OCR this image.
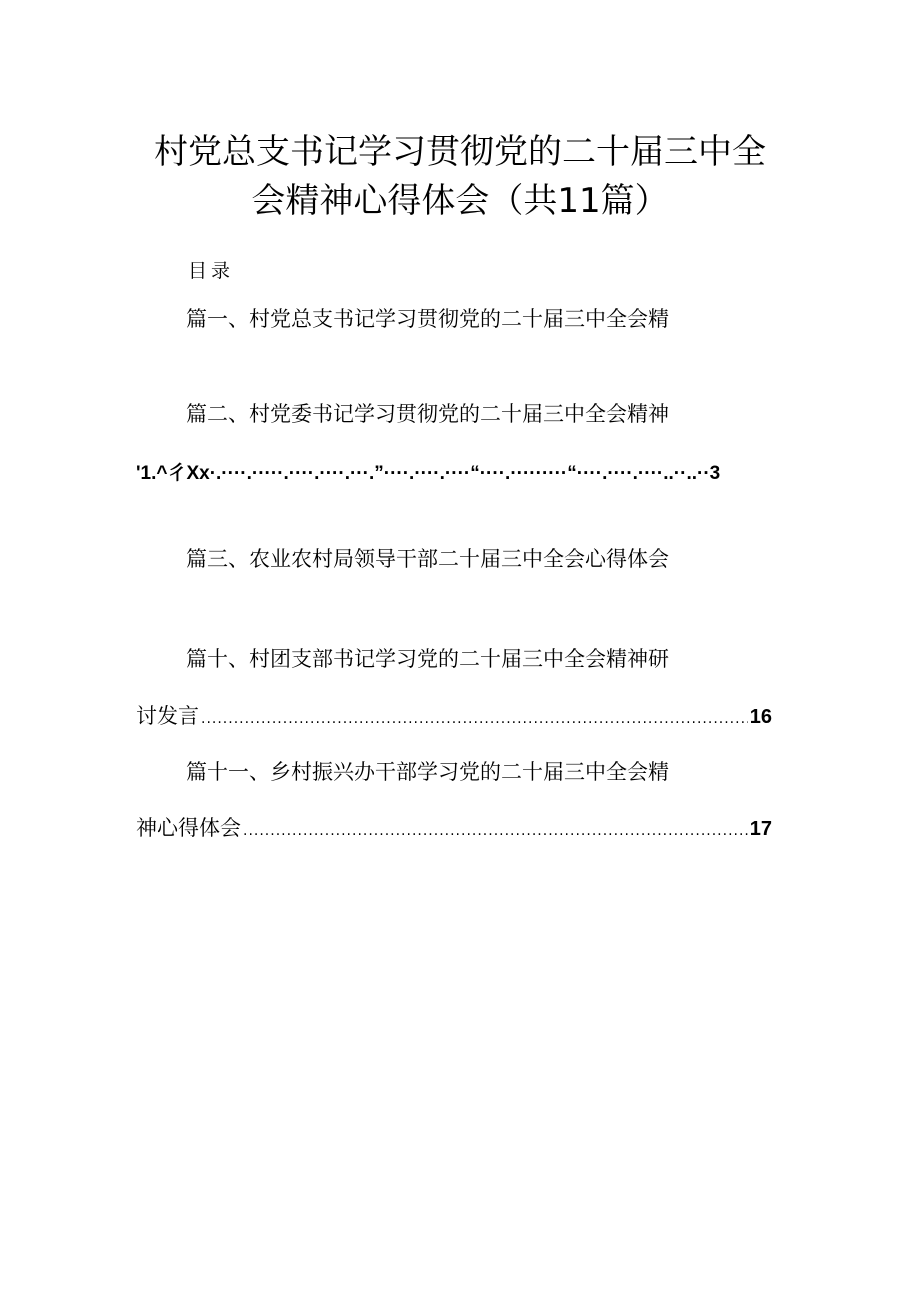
村党总支书记学习贯彻党的二十届三中全
会精神心得体会（共11篇）
目录
篇一、村党总支书记学习贯彻党的二十届三中全会精
篇二、村党委书记学习贯彻党的二十届三中全会精神
'1.^彳Xx·.····.·····.····.····.···.”····.····.····“····.·········“····.····.····..··..··3
篇三、农业农村局领导干部二十届三中全会心得体会
篇十、村团支部书记学习党的二十届三中全会精神研
讨发言 .....	16
篇十一、乡村振兴办干部学习党的二十届三中全会精
神心得体会 .....	17
